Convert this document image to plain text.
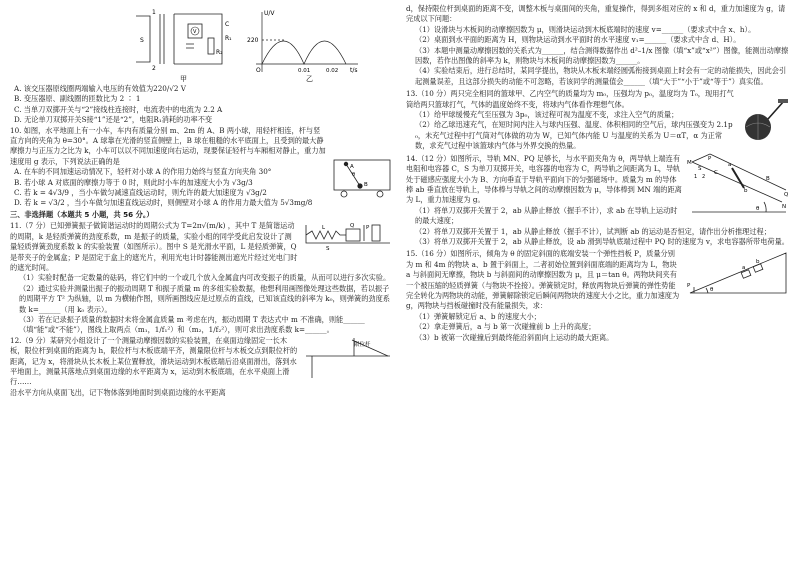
1
2
S
C
R₁
R₂
V
甲
U/V
t/s
220
0.01	0.02
O
乙

A. 该交压器原线圈两端输入电压的有效值为220/√2 V

B. 变压器原、副线圈的匝数比为 2 ∶ 1

C. 当单刀双掷开关与“2”接线柱连接时，电流表中的电流为 2.2 A

D. 无论单刀双掷开关S接“1”还是“2”，电阻R₁消耗的功率不变

A
B
θ

10. 如图，水平地面上有一小车，车内有质量分别 m、2m 的 A、B 两小球，用轻杆相连，杆与竖直方向的夹角为 θ=30°。A 球靠在光滑的竖直侧壁上，B 球在粗糙的水平底面上，且受到的最大静摩擦力与正压力之比为 k，小车可以以不同加速度向右运动，现要保证轻杆与车厢相对静止，重力加速度用 g 表示，下列说法正确的是

A. 在车的不同加速运动情况下，轻杆对小球 A 的作用力始终与竖直方向夹角 30°

B. 若小球 A 对底面的摩擦力等于 0 时，则此时小车的加速度大小为 √3g/3

C. 若 k = 4√3/9 ，当小车做匀减速直线运动时，则允许的最大加速度为 √3g/2

D. 若 k = √3/2 ，当小车做匀加速直线运动时，则侧壁对小球 A 的作用力最大值为 5√3mg/8

三、非选择题（本题共 5 小题，共 56 分。）

S
L	Q P

11.（7 分）已知弹簧振子做简谐运动时的周期公式为 T=2π√(m/k) ，其中 T 是简谐运动的周期，k 是轻质弹簧的劲度系数，m 是振子的质量，实验小组的同学受此启发设计了测量轻质弹簧劲度系数 k 的实验装置（如图所示）。图中 S 是光滑水平面，L 是轻质弹簧，Q 是带夹子的金属盒；P 是固定于盒上的遮光片，利用光电计时器能测出遮光片经过光电门时的遮光时间。

（1）实验时配备一定数量的砝码，将它们中的一个或几个放入金属盒内可改变振子的质量，从而可以进行多次实验。

（2）通过实验并测量出振子的振动周期 T 和振子质量 m 的多组实验数据，他想利用画图像处理这些数据，若以振子的周期平方 T² 为纵轴，以 m 为横轴作图，则所画图线应是过原点的直线，已知该直线的斜率为 k₀，则弹簧的劲度系数 k=______（用 k₀ 表示）。

（3）若在记录振子质量的数据时未将金属盒质量 m 考虑在内，振动周期 T 表达式中 m 不准确，则能______（填“能”或“不能”），图线上取两点（m₁，1/f₁²）和（m₂，1/f₂²），则可求出劲度系数 k=______。

限位杆

12.（9 分）某研究小组设计了一个测量动摩擦因数的实验装置，在桌面边缘固定一长木板，限位杆到桌面的距离为 h，限位杆与木板底端平齐，测量限位杆与木板交点到限位杆的距离，记为 x，将滑块从长木板上某位置释放，滑块运动到木板底端后沿桌面滑出，落到水平地面上，测量其落地点到桌面边缘的水平距离为 x，运动到木板底端，在水平桌面上滑行……

沿水平方向从桌面飞出，记下物体落到地面时到桌面边缘的水平距离

d，保持限位杆到桌面的距离不变，调整木板与桌面间的夹角，重复操作，得到多组对应的 x 和 d，重力加速度为 g，请完成以下问题：

（1）设滑块与木板间的动摩擦因数为 μ，则滑块运动到木板底端时的速度 v=______（要求式中含 x、h）。

（2）桌面到水平面的距离为 H，则物块运动到水平面时的水平速度 v₁=______（要求式中含 d、H）。

（3）本题中测量动摩擦因数的关系式为______，结合测得数据作出 d²–1/x 图像（填“x”或“x²”）图像，能测出动摩擦因数，若作出图像的斜率为 k，则物块与木板间的动摩擦因数为______。

（4）实验结束后，进行总结时，某同学提出，物块从木板末端经圆弧衔接到桌面上时会有一定的动能损失，因此会引起测量误差，且这部分损失的动能不可忽略，若该同学的测量值会______（填“大于”“小于”或“等于”）真实值。

13.（10 分）两只完全相同的篮球甲、乙内空气的质量均为 m₀，压强均为 p₀，温度均为 T₀，现用打气筒给两只篮球打气，气体的温度始终不变，将球内气体看作理想气体。

（1）给甲球缓慢充气至压强为 3p₀，该过程可视为温度不变，求注入空气的质量；

（2）给乙球迅速充气，在短时间内注入与球内压强、温度、体积相同的空气后，球内压强变为 2.1p₀，未充气过程中打气筒对气体做的功为 W，已知气体内能 U 与温度的关系为 U＝αT，α 为正常数，求充气过程中该篮球内气体与外界交换的热量。

M
N
P
Q
S
1 2
C
a
b
θ
B

14.（12 分）如图所示，导轨 MN、PQ 足够长，与水平面夹角为 θ，两导轨上端连有电阻和电容器 C，S 为单刀双掷开关，电容器的电容为 C，两导轨之间距离为 L，导轨处于磁感应强度大小为 B、方向垂直于导轨平面向下的匀强磁场中。质量为 m 的导体棒 ab 垂直放在导轨上，导体棒与导轨之间的动摩擦因数为 μ，导体棒到 MN 端的距离为 L，重力加速度为 g。

（1）将单刀双掷开关置于 2，ab 从静止释放（握手不计），求 ab 在导轨上运动时的最大速度；

（2）将单刀双掷开关置于 1，ab 从静止释放（握手不计），试判断 ab 的运动是否恒定，请作出分析推理过程；

（3）将单刀双掷开关置于 2，ab 从静止释放，设 ab 滑到导轨底端过程中 PQ 时的速度为 v，求电容器所带电荷量。

P
a
b
θ

15.（16 分）如图所示，倾角为 θ 的固定斜面的底端安装一个弹性挡板 P，质量分别为 m 和 4m 的物块 a、b 置于斜面上，二者初始位置到斜面底端的距离均为 L，物块 a 与斜面间无摩擦，物块 b 与斜面间的动摩擦因数为 μ，且 μ＝tan θ。两物块间夹有一个被压缩的轻质弹簧（与物块不拴接）。弹簧锁定时，释放两物块后弹簧的弹性势能完全转化为两物块的动能，弹簧解除锁定后瞬间两物块的速度大小之比，重力加速度为 g，两物块与挡板碰撞时没有能量损失，求：

（1）弹簧解锁定后 a、b 的速度大小；

（2）拿走弹簧后，a 与 b 第一次碰撞前 b 上升的高度；

（3）b 被第一次碰撞后到最终能沿斜面向上运动的最大距离。
